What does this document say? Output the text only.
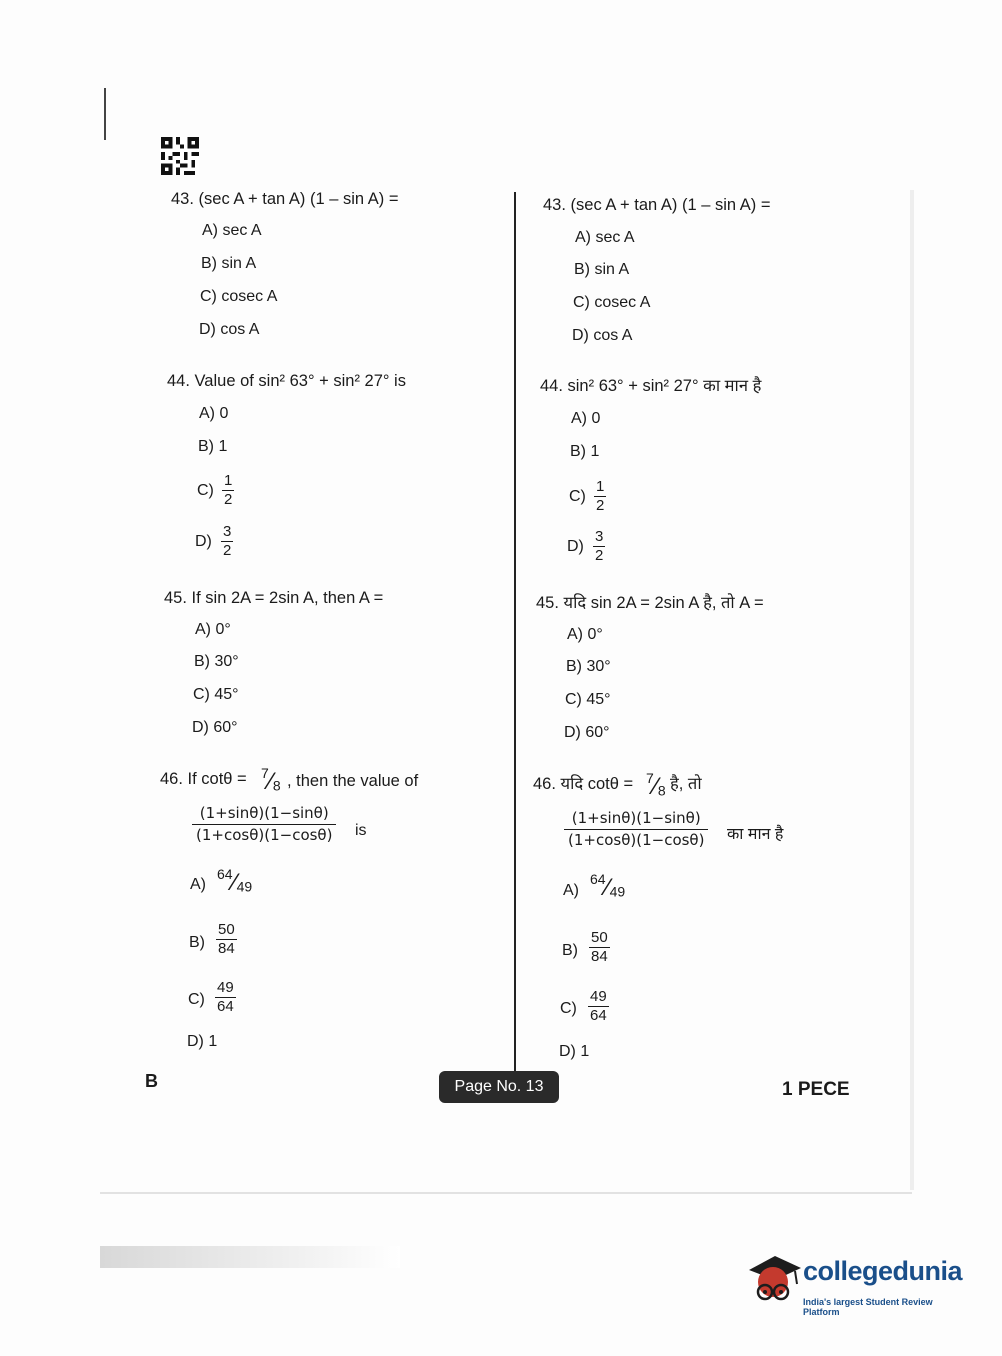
43. (sec A + tan A) (1 – sin A) =
A) sec A
B) sin A
C) cosec A
D) cos A
44. Value of sin² 63° + sin² 27° is
A) 0
B) 1
$C) \frac{1}{2}$
$D) \frac{3}{2}$
45. If sin 2A = 2sin A, then A =
A) 0°
B) 30°
C) 45°
D) 60°
46. If $\cot\theta = ^7⁄_8$ , then the value of
$\frac{(1+\sin\theta)(1-\sin\theta)}{(1+\cos\theta)(1-\cos\theta)}$ is
A)
$^{64}⁄_{49}$
$B) \frac{50}{84}$
$C) \frac{49}{64}$
D) 1
43. (sec A + tan A) (1 – sin A) =
A) sec A
B) sin A
C) cosec A
D) cos A
44. sin² 63° + sin² 27° का मान है
A) 0
B) 1
$C) \frac{1}{2}$
$D) \frac{3}{2}$
45. यदि sin 2A = 2sin A है, तो A =
A) 0°
B) 30°
C) 45°
D) 60°
46. यदि $\cot\theta = ^7⁄_8$ है, तो
$\frac{(1+\sin\theta)(1-\sin\theta)}{(1+\cos\theta)(1-\cos\theta)}$ का मान है
A)
$^{64}⁄_{49}$
$B) \frac{50}{84}$
$C) \frac{49}{64}$
D) 1
B	Page No. 13	1 PECE
collegedunia
India's largest Student Review Platform
